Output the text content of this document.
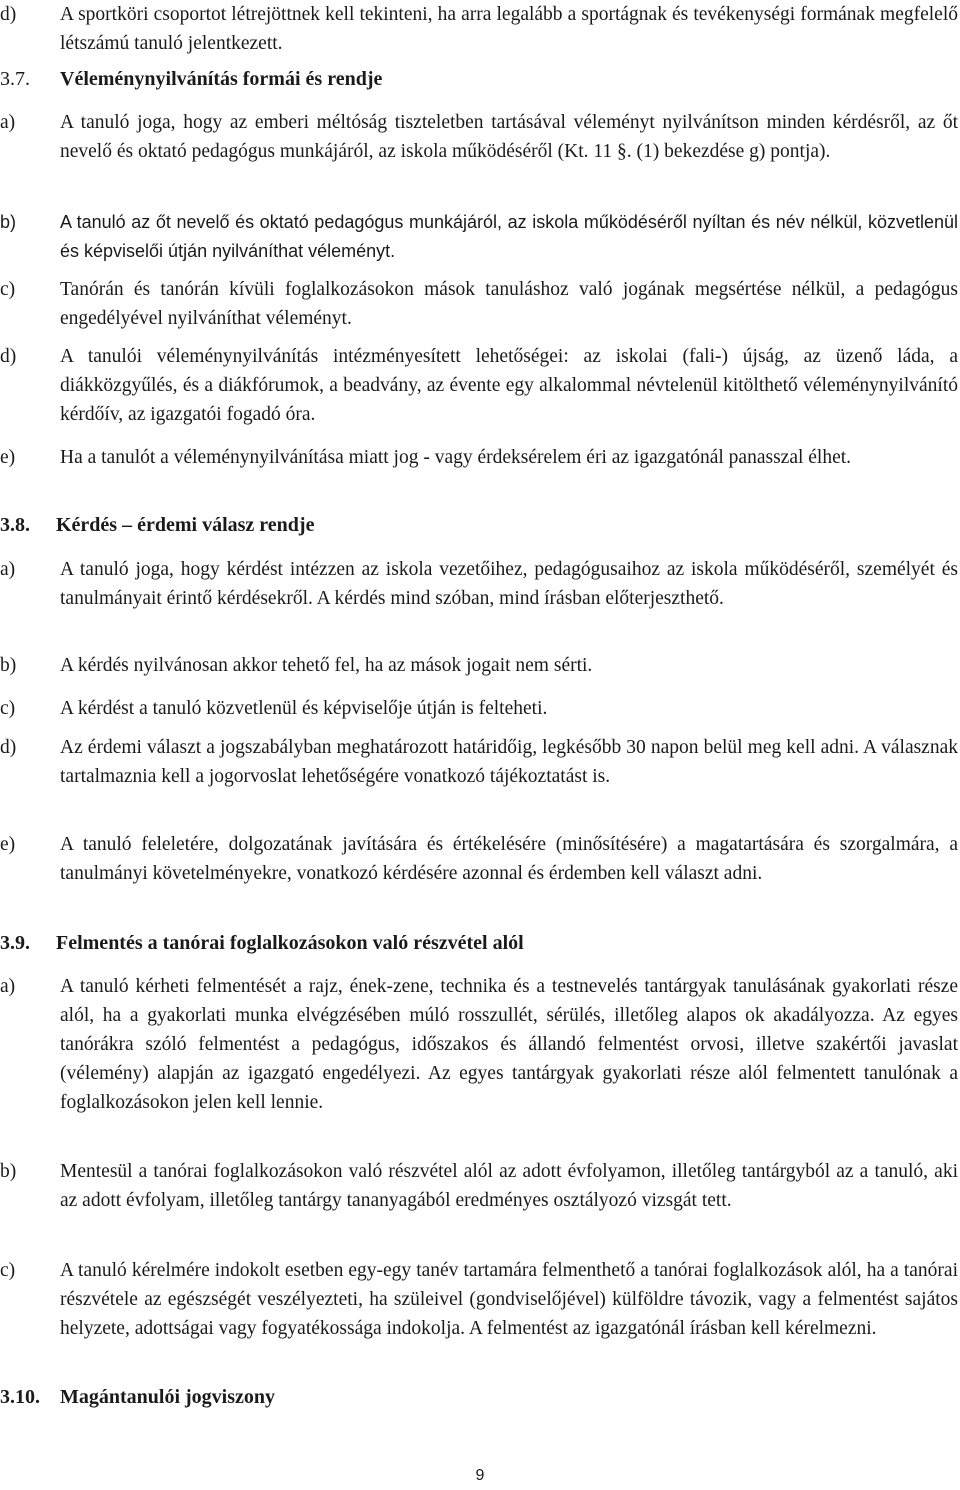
d) A sportköri csoportot létrejöttnek kell tekinteni, ha arra legalább a sportágnak és tevékenységi formának megfelelő létszámú tanuló jelentkezett.
3.7. Véleménynyilvánítás formái és rendje
a) A tanuló joga, hogy az emberi méltóság tiszteletben tartásával véleményt nyilvánítson minden kérdésről, az őt nevelő és oktató pedagógus munkájáról, az iskola működéséről (Kt. 11 §. (1) bekezdése g) pontja).
b) A tanuló az őt nevelő és oktató pedagógus munkájáról, az iskola működéséről nyíltan és név nélkül, közvetlenül és képviselői útján nyilváníthat véleményt.
c) Tanórán és tanórán kívüli foglalkozásokon mások tanuláshoz való jogának megsértése nélkül, a pedagógus engedélyével nyilváníthat véleményt.
d) A tanulói véleménynyilvánítás intézményesített lehetőségei: az iskolai (fali-) újság, az üzenő láda, a diákközgyűlés, és a diákfórumok, a beadvány, az évente egy alkalommal névtelenül kitölthető véleménynyilvánító kérdőív, az igazgatói fogadó óra.
e) Ha a tanulót a véleménynyilvánítása miatt jog - vagy érdeksérelem éri az igazgatónál panasszal élhet.
3.8. Kérdés – érdemi válasz rendje
a) A tanuló joga, hogy kérdést intézzen az iskola vezetőihez, pedagógusaihoz az iskola működéséről, személyét és tanulmányait érintő kérdésekről. A kérdés mind szóban, mind írásban előterjeszthető.
b) A kérdés nyilvánosan akkor tehető fel, ha az mások jogait nem sérti.
c) A kérdést a tanuló közvetlenül és képviselője útján is felteheti.
d) Az érdemi választ a jogszabályban meghatározott határidőig, legkésőbb 30 napon belül meg kell adni. A válasznak tartalmaznia kell a jogorvoslat lehetőségére vonatkozó tájékoztatást is.
e) A tanuló feleletére, dolgozatának javítására és értékelésére (minősítésére) a magatartására és szorgalmára, a tanulmányi követelményekre, vonatkozó kérdésére azonnal és érdemben kell választ adni.
3.9. Felmentés a tanórai foglalkozásokon való részvétel alól
a) A tanuló kérheti felmentését a rajz, ének-zene, technika és a testnevelés tantárgyak tanulásának gyakorlati része alól, ha a gyakorlati munka elvégzésében múló rosszullét, sérülés, illetőleg alapos ok akadályozza. Az egyes tanórákra szóló felmentést a pedagógus, időszakos és állandó felmentést orvosi, illetve szakértői javaslat (vélemény) alapján az igazgató engedélyezi. Az egyes tantárgyak gyakorlati része alól felmentett tanulónak a foglalkozásokon jelen kell lennie.
b) Mentesül a tanórai foglalkozásokon való részvétel alól az adott évfolyamon, illetőleg tantárgyból az a tanuló, aki az adott évfolyam, illetőleg tantárgy tananyagából eredményes osztályozó vizsgát tett.
c) A tanuló kérelmére indokolt esetben egy-egy tanév tartamára felmenthető a tanórai foglalkozások alól, ha a tanórai részvétele az egészségét veszélyezteti, ha szüleivel (gondviselőjével) külföldre távozik, vagy a felmentést sajátos helyzete, adottságai vagy fogyatékossága indokolja. A felmentést az igazgatónál írásban kell kérelmezni.
3.10. Magántanulói jogviszony
9
